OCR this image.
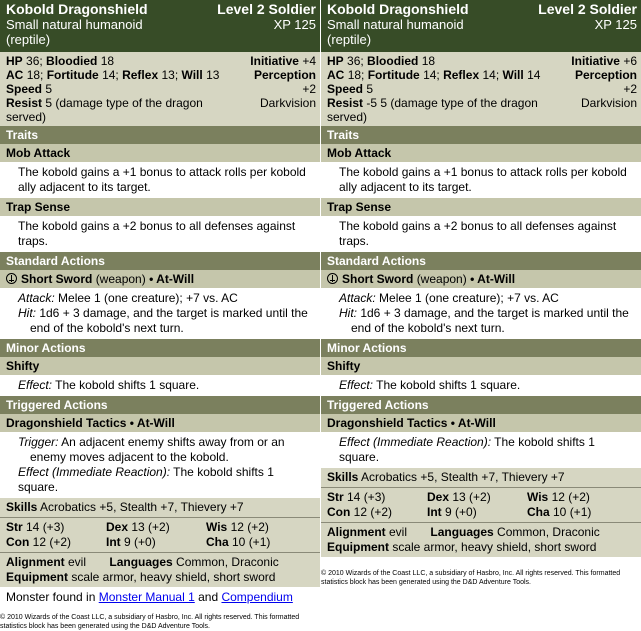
Kobold Dragonshield	Level 2 Soldier
Small natural humanoid	XP 125
(reptile)
HP 36; Bloodied 18	Initiative +4
AC 18; Fortitude 14; Reflex 13; Will 13	Perception
Speed 5	+2
Resist 5 (damage type of the dragon served)
Darkvision
Traits
Mob Attack
The kobold gains a +1 bonus to attack rolls per kobold ally adjacent to its target.
Trap Sense
The kobold gains a +2 bonus to all defenses against traps.
Standard Actions
Short Sword (weapon) • At-Will
Attack: Melee 1 (one creature); +7 vs. AC
Hit: 1d6 + 3 damage, and the target is marked until the
end of the kobold's next turn.
Minor Actions
Shifty
Effect: The kobold shifts 1 square.
Triggered Actions
Dragonshield Tactics • At-Will
Trigger: An adjacent enemy shifts away from or an
enemy moves adjacent to the kobold.
Effect (Immediate Reaction): The kobold shifts 1 square.
Skills Acrobatics +5, Stealth +7, Thievery +7
Str 14 (+3)	Dex 13 (+2)	Wis 12 (+2)
Con 12 (+2)	Int 9 (+0)	Cha 10 (+1)
Alignment evil Languages Common, Draconic
Equipment scale armor, heavy shield, short sword
Monster found in Monster Manual 1 and Compendium
© 2010 Wizards of the Coast LLC, a subsidiary of Hasbro, Inc. All rights reserved. This formatted statistics block has been generated using the D&D Adventure Tools.
Kobold Dragonshield	Level 2 Soldier
Small natural humanoid	XP 125
(reptile)
HP 36; Bloodied 18	Initiative +6
AC 18; Fortitude 14; Reflex 14; Will 14	Perception
Speed 5	+2
Resist -5 5 (damage type of the dragon served)
Darkvision
Traits
Mob Attack
The kobold gains a +1 bonus to attack rolls per kobold ally adjacent to its target.
Trap Sense
The kobold gains a +2 bonus to all defenses against traps.
Standard Actions
Short Sword (weapon) • At-Will
Attack: Melee 1 (one creature); +7 vs. AC
Hit: 1d6 + 3 damage, and the target is marked until the
end of the kobold's next turn.
Minor Actions
Shifty
Effect: The kobold shifts 1 square.
Triggered Actions
Dragonshield Tactics • At-Will
Effect (Immediate Reaction): The kobold shifts 1 square.
Skills Acrobatics +5, Stealth +7, Thievery +7
Str 14 (+3)	Dex 13 (+2)	Wis 12 (+2)
Con 12 (+2)	Int 9 (+0)	Cha 10 (+1)
Alignment evil Languages Common, Draconic
Equipment scale armor, heavy shield, short sword
© 2010 Wizards of the Coast LLC, a subsidiary of Hasbro, Inc. All rights reserved. This formatted statistics block has been generated using the D&D Adventure Tools.
